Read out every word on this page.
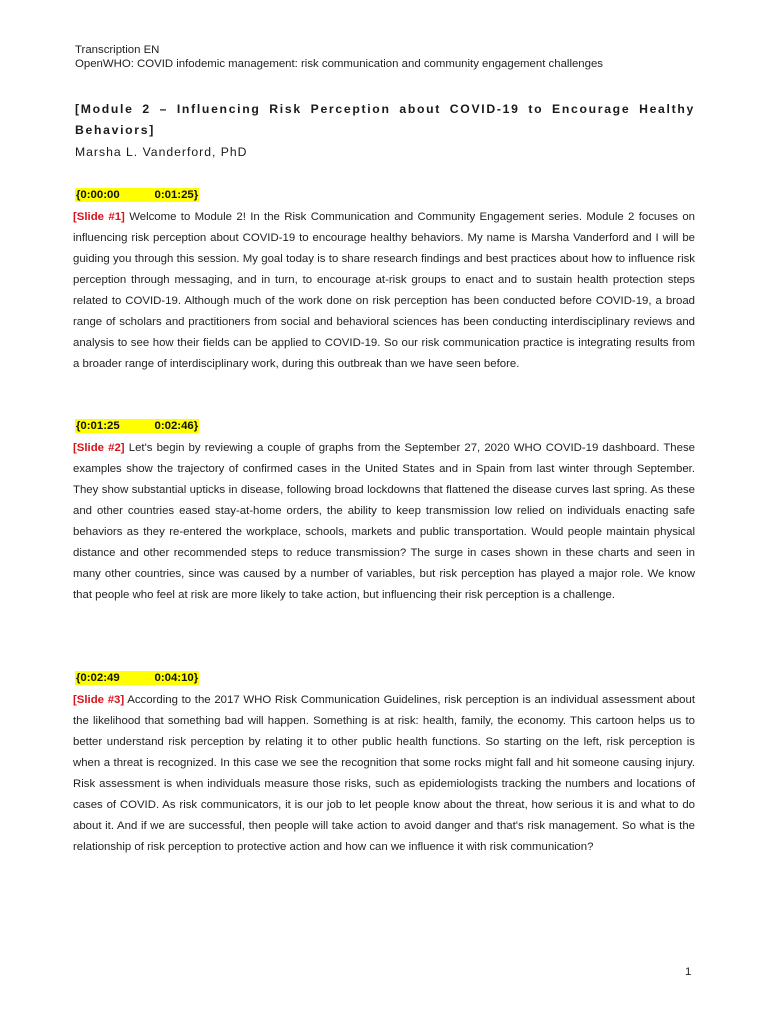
Transcription EN
OpenWHO: COVID infodemic management: risk communication and community engagement challenges
[Module 2 – Influencing Risk Perception about COVID-19 to Encourage Healthy Behaviors]
Marsha L. Vanderford, PhD
{0:00:00           0:01:25}
[Slide #1] Welcome to Module 2! In the Risk Communication and Community Engagement series. Module 2 focuses on influencing risk perception about COVID-19 to encourage healthy behaviors. My name is Marsha Vanderford and I will be guiding you through this session. My goal today is to share research findings and best practices about how to influence risk perception through messaging, and in turn, to encourage at-risk groups to enact and to sustain health protection steps related to COVID-19. Although much of the work done on risk perception has been conducted before COVID-19, a broad range of scholars and practitioners from social and behavioral sciences has been conducting interdisciplinary reviews and analysis to see how their fields can be applied to COVID-19. So our risk communication practice is integrating results from a broader range of interdisciplinary work, during this outbreak than we have seen before.
{0:01:25           0:02:46}
[Slide #2] Let's begin by reviewing a couple of graphs from the September 27, 2020 WHO COVID-19 dashboard. These examples show the trajectory of confirmed cases in the United States and in Spain from last winter through September. They show substantial upticks in disease, following broad lockdowns that flattened the disease curves last spring. As these and other countries eased stay-at-home orders, the ability to keep transmission low relied on individuals enacting safe behaviors as they re-entered the workplace, schools, markets and public transportation. Would people maintain physical distance and other recommended steps to reduce transmission? The surge in cases shown in these charts and seen in many other countries, since was caused by a number of variables, but risk perception has played a major role. We know that people who feel at risk are more likely to take action, but influencing their risk perception is a challenge.
{0:02:49           0:04:10}
[Slide #3] According to the 2017 WHO Risk Communication Guidelines, risk perception is an individual assessment about the likelihood that something bad will happen. Something is at risk: health, family, the economy. This cartoon helps us to better understand risk perception by relating it to other public health functions. So starting on the left, risk perception is when a threat is recognized. In this case we see the recognition that some rocks might fall and hit someone causing injury. Risk assessment is when individuals measure those risks, such as epidemiologists tracking the numbers and locations of cases of COVID. As risk communicators, it is our job to let people know about the threat, how serious it is and what to do about it. And if we are successful, then people will take action to avoid danger and that's risk management. So what is the relationship of risk perception to protective action and how can we influence it with risk communication?
1
